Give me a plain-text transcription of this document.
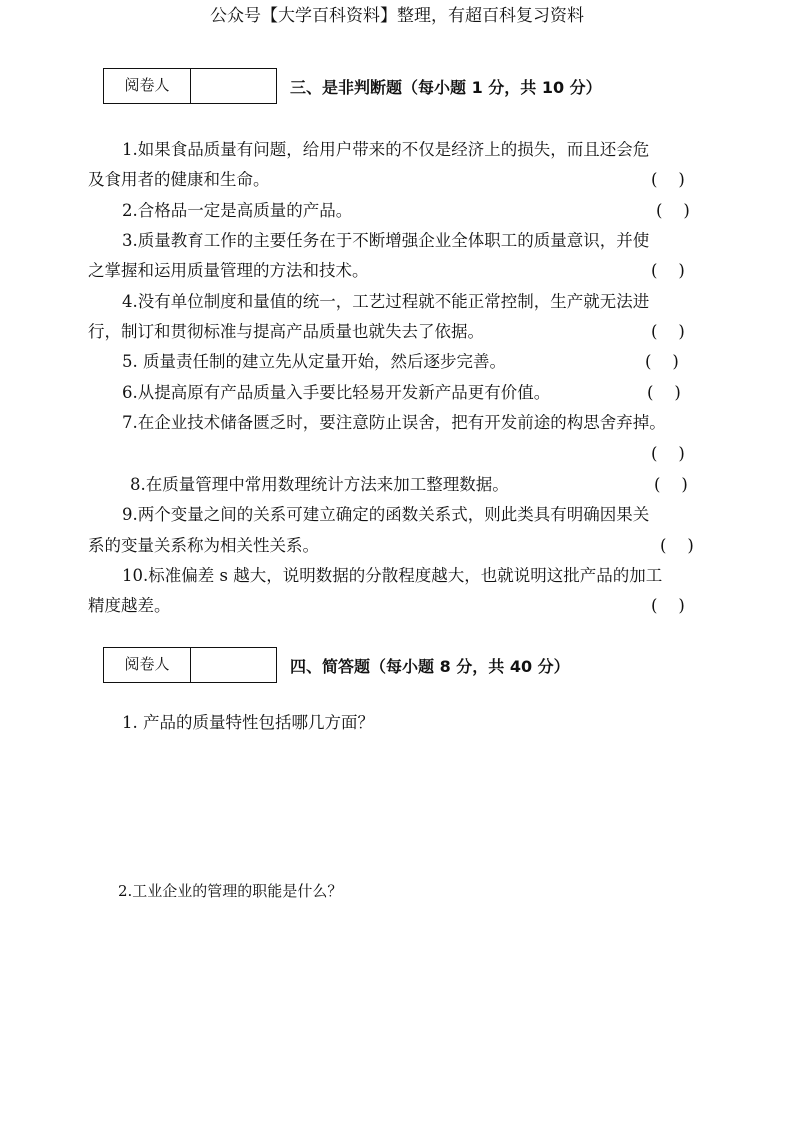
公众号【大学百科资料】整理，有超百科复习资料
阅卷人	三、是非判断题（每小题 1 分，共 10 分）
1.如果食品质量有问题，给用户带来的不仅是经济上的损失，而且还会危
及食用者的健康和生命。	(    )
2.合格品一定是高质量的产品。	(    )
3.质量教育工作的主要任务在于不断增强企业全体职工的质量意识，并使
之掌握和运用质量管理的方法和技术。	(    )
4.没有单位制度和量值的统一，工艺过程就不能正常控制，生产就无法进
行，制订和贯彻标准与提高产品质量也就失去了依据。	(    )
5. 质量责任制的建立先从定量开始，然后逐步完善。	(    )
6.从提高原有产品质量入手要比轻易开发新产品更有价值。	(    )
7.在企业技术储备匮乏时，要注意防止误舍，把有开发前途的构思舍弃掉。
(    )
8.在质量管理中常用数理统计方法来加工整理数据。	(    )
9.两个变量之间的关系可建立确定的函数关系式，则此类具有明确因果关
系的变量关系称为相关性关系。	(    )
10.标准偏差 s 越大，说明数据的分散程度越大，也就说明这批产品的加工
精度越差。	(    )
阅卷人	四、简答题（每小题 8 分，共 40 分）
1. 产品的质量特性包括哪几方面？
2.工业企业的管理的职能是什么？
